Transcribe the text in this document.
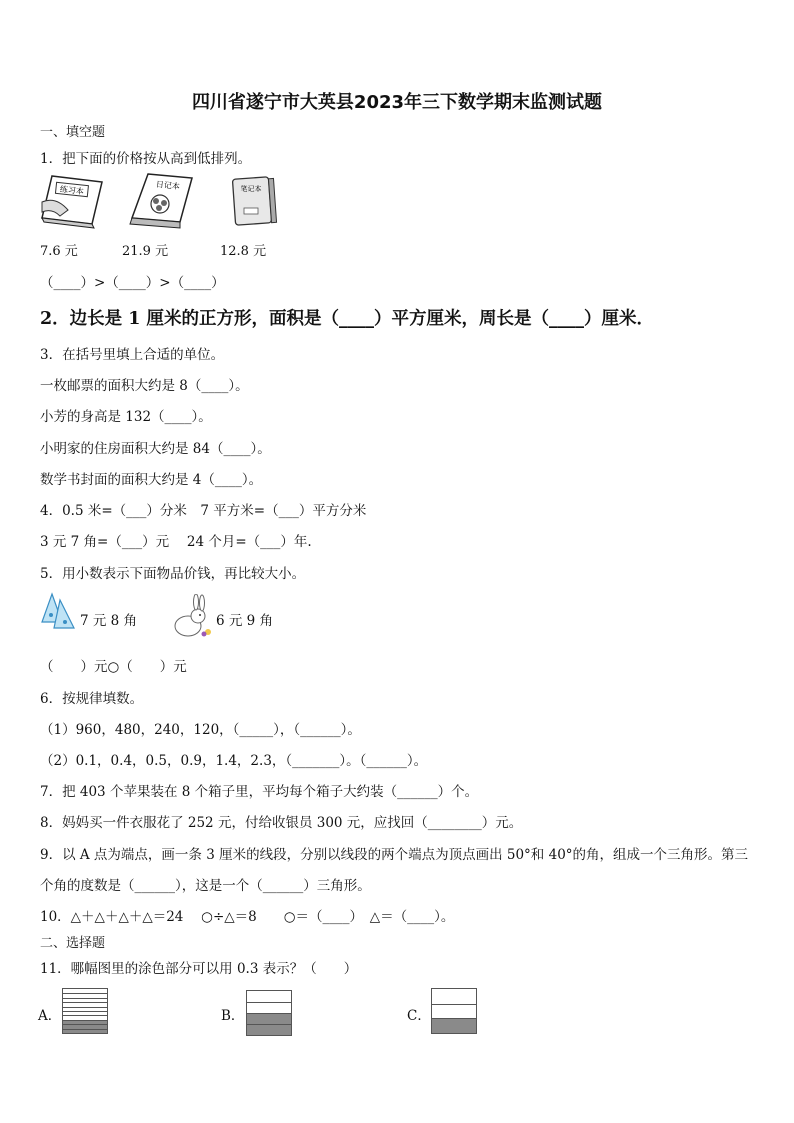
四川省遂宁市大英县2023年三下数学期末监测试题
一、填空题
1．把下面的价格按从高到低排列。
练习本	日记本	笔记本
7.6 元	21.9 元	12.8 元
（____）>（____）>（____）
2．边长是 1 厘米的正方形，面积是（____）平方厘米，周长是（____）厘米．
3．在括号里填上合适的单位。
一枚邮票的面积大约是 8（____）。
小芳的身高是 132（____）。
小明家的住房面积大约是 84（____）。
数学书封面的面积大约是 4（____）。
4．0.5 米=（___）分米　7 平方米=（___）平方分米
3 元 7 角=（___）元　 24 个月=（___）年.
5．用小数表示下面物品价钱，再比较大小。
7 元 8 角	6 元 9 角
（　　）元○（　　）元
6．按规律填数。
（1）960，480，240，120，（_____），（______）。
（2）0.1，0.4，0.5，0.9，1.4，2.3，（_______）。（______）。
7．把 403 个苹果装在 8 个箱子里，平均每个箱子大约装（______）个。
8．妈妈买一件衣服花了 252 元，付给收银员 300 元，应找回（________）元。
9．以 A 点为端点，画一条 3 厘米的线段，分别以线段的两个端点为顶点画出 50°和 40°的角，组成一个三角形。第三
个角的度数是（______），这是一个（______）三角形。
10．△＋△＋△＋△＝24　 ○÷△＝8　　○＝（____）　△＝（____）。
二、选择题
11．哪幅图里的涂色部分可以用 0.3 表示？（　　）
A．	B．	C．
